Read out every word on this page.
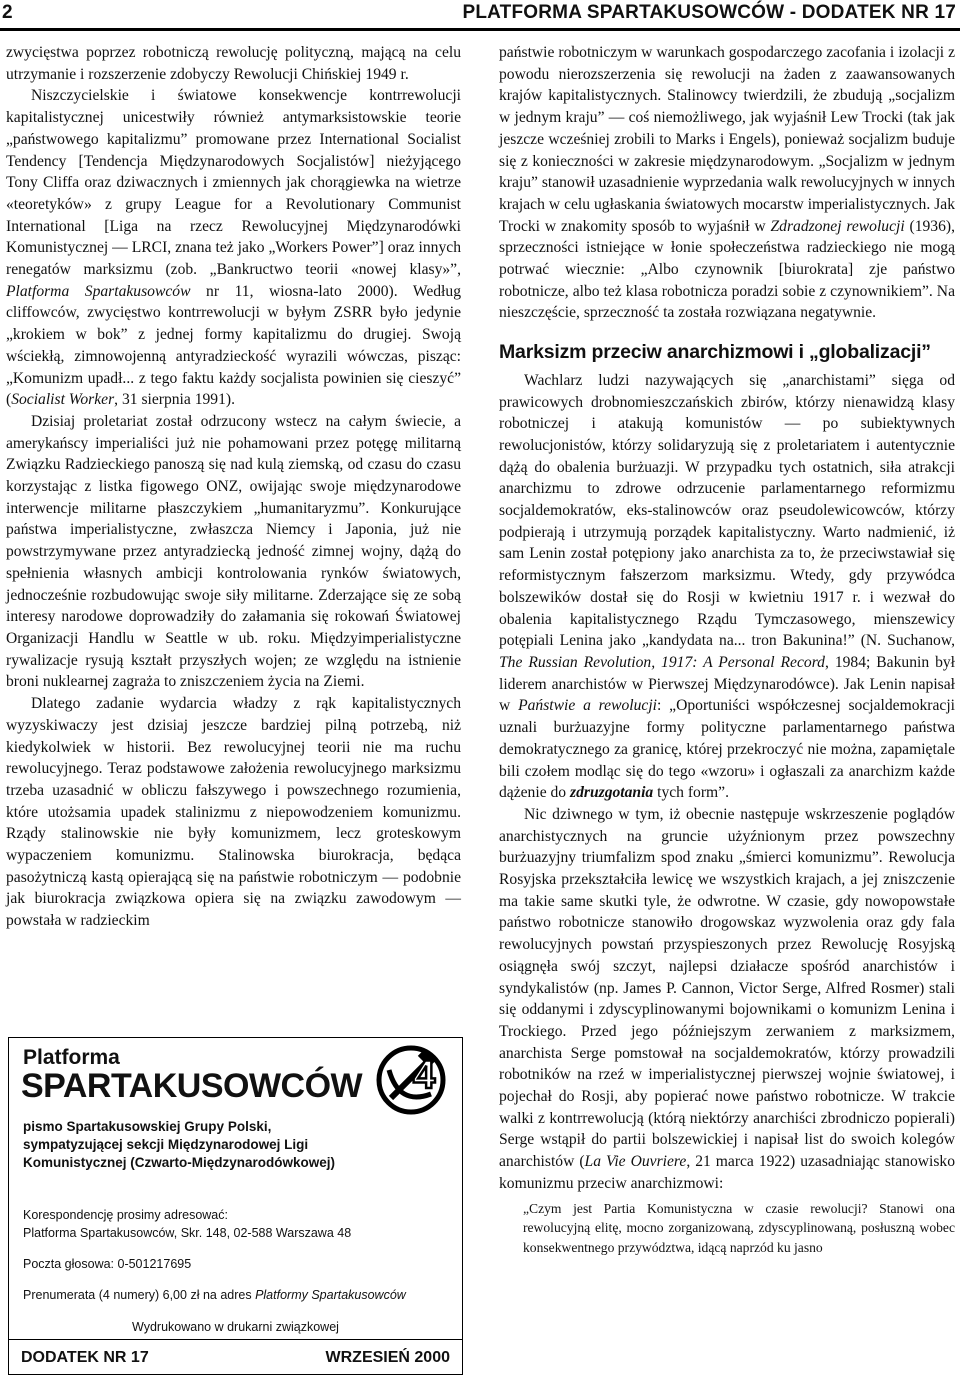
2	PLATFORMA SPARTAKUSOWCÓW - DODATEK NR 17

zwycięstwa poprzez robotniczą rewolucję polityczną, mającą na celu utrzymanie i rozszerzenie zdobyczy Rewolucji Chińskiej 1949 r.

Niszczycielskie i światowe konsekwencje kontrrewolucji kapitalistycznej unicestwiły również antymarksistowskie teorie „państwowego kapitalizmu” promowane przez International Socialist Tendency [Tendencja Międzynarodowych Socjalistów] nieżyjącego Tony Cliffa oraz dziwacznych i zmiennych jak chorągiewka na wietrze «teoretyków» z grupy League for a Revolutionary Communist International [Liga na rzecz Rewolucyjnej Międzynarodówki Komunistycznej — LRCI, znana też jako „Workers Power”] oraz innych renegatów marksizmu (zob. „Bankructwo teorii «nowej klasy»”, Platforma Spartakusowców nr 11, wiosna-lato 2000). Według cliffowców, zwycięstwo kontrrewolucji w byłym ZSRR było jedynie „krokiem w bok” z jednej formy kapitalizmu do drugiej. Swoją wściekłą, zimnowojenną antyradzieckość wyrazili wówczas, pisząc: „Komunizm upadł... z tego faktu każdy socjalista powinien się cieszyć” (Socialist Worker, 31 sierpnia 1991).

Dzisiaj proletariat został odrzucony wstecz na całym świecie, a amerykańscy imperialiści już nie pohamowani przez potęgę militarną Związku Radzieckiego panoszą się nad kulą ziemską, od czasu do czasu korzystając z listka figowego ONZ, owijając swoje międzynarodowe interwencje militarne płaszczykiem „humanitaryzmu”. Konkurujące państwa imperialistyczne, zwłaszcza Niemcy i Japonia, już nie powstrzymywane przez antyradziecką jedność zimnej wojny, dążą do spełnienia własnych ambicji kontrolowania rynków światowych, jednocześnie rozbudowując swoje siły militarne. Zderzające się ze sobą interesy narodowe doprowadziły do załamania się rokowań Światowej Organizacji Handlu w Seattle w ub. roku. Międzyimperialistyczne rywalizacje rysują kształt przyszłych wojen; ze względu na istnienie broni nuklearnej zagraża to zniszczeniem życia na Ziemi.

Dlatego zadanie wydarcia władzy z rąk kapitalistycznych wyzyskiwaczy jest dzisiaj jeszcze bardziej pilną potrzebą, niż kiedykolwiek w historii. Bez rewolucyjnej teorii nie ma ruchu rewolucyjnego. Teraz podstawowe założenia rewolucyjnego marksizmu trzeba uzasadnić w obliczu fałszywego i powszechnego rozumienia, które utożsamia upadek stalinizmu z niepowodzeniem komunizmu. Rządy stalinowskie nie były komunizmem, lecz groteskowym wypaczeniem komunizmu. Stalinowska biurokracja, będąca pasożytniczą kastą opierającą się na państwie robotniczym — podobnie jak biurokracja związkowa opiera się na związku zawodowym — powstała w radzieckim

państwie robotniczym w warunkach gospodarczego zacofania i izolacji z powodu nierozszerzenia się rewolucji na żaden z zaawansowanych krajów kapitalistycznych. Stalinowcy twierdzili, że zbudują „socjalizm w jednym kraju” — coś niemożliwego, jak wyjaśnił Lew Trocki (tak jak jeszcze wcześniej zrobili to Marks i Engels), ponieważ socjalizm buduje się z konieczności w zakresie międzynarodowym. „Socjalizm w jednym kraju” stanowił uzasadnienie wyprzedania walk rewolucyjnych w innych krajach w celu ugłaskania światowych mocarstw imperialistycznych. Jak Trocki w znakomity sposób to wyjaśnił w Zdradzonej rewolucji (1936), sprzeczności istniejące w łonie społeczeństwa radzieckiego nie mogą potrwać wiecznie: „Albo czynownik [biurokrata] zje państwo robotnicze, albo też klasa robotnicza poradzi sobie z czynownikiem”. Na nieszczęście, sprzeczność ta została rozwiązana negatywnie.

Marksizm przeciw anarchizmowi i „globalizacji”

Wachlarz ludzi nazywających się „anarchistami” sięga od prawicowych drobnomieszczańskich zbirów, którzy nienawidzą klasy robotniczej i atakują komunistów — po subiektywnych rewolucjonistów, którzy solidaryzują się z proletariatem i autentycznie dążą do obalenia burżuazji. W przypadku tych ostatnich, siła atrakcji anarchizmu to zdrowe odrzucenie parlamentarnego reformizmu socjaldemokratów, eks-stalinowców oraz pseudolewicowców, którzy podpierają i utrzymują porządek kapitalistyczny. Warto nadmienić, iż sam Lenin został potępiony jako anarchista za to, że przeciwstawiał się reformistycznym fałszerzom marksizmu. Wtedy, gdy przywódca bolszewików dostał się do Rosji w kwietniu 1917 r. i wezwał do obalenia kapitalistycznego Rządu Tymczasowego, mienszewicy potępiali Lenina jako „kandydata na... tron Bakunina!” (N. Suchanow, The Russian Revolution, 1917: A Personal Record, 1984; Bakunin był liderem anarchistów w Pierwszej Międzynarodówce). Jak Lenin napisał w Państwie a rewolucji: „Oportuniści współczesnej socjaldemokracji uznali burżuazyjne formy polityczne parlamentarnego państwa demokratycznego za granicę, której przekroczyć nie można, zapamiętale bili czołem modląc się do tego «wzoru» i ogłaszali za anarchizm każde dążenie do zdruzgotania tych form”.

Nic dziwnego w tym, iż obecnie następuje wskrzeszenie poglądów anarchistycznych na gruncie użyźnionym przez powszechny burżuazyjny triumfalizm spod znaku „śmierci komunizmu”. Rewolucja Rosyjska przekształciła lewicę we wszystkich krajach, a jej zniszczenie ma takie same skutki tyle, że odwrotne. W czasie, gdy nowopowstałe państwo robotnicze stanowiło drogowskaz wyzwolenia oraz gdy fala rewolucyjnych powstań przyspieszonych przez Rewolucję Rosyjską osiągnęła swój szczyt, najlepsi działacze spośród anarchistów i syndykalistów (np. James P. Cannon, Victor Serge, Alfred Rosmer) stali się oddanymi i zdyscyplinowanymi bojownikami o komunizm Lenina i Trockiego. Przed jego późniejszym zerwaniem z marksizmem, anarchista Serge pomstował na socjaldemokratów, którzy prowadzili robotników na rzeź w imperialistycznej pierwszej wojnie światowej, i pojechał do Rosji, aby popierać nowe państwo robotnicze. W trakcie walki z kontrrewolucją (którą niektórzy anarchiści zbrodniczo popierali) Serge wstąpił do partii bolszewickiej i napisał list do swoich kolegów anarchistów (La Vie Ouvriere, 21 marca 1922) uzasadniając stanowisko komunizmu przeciw anarchizmowi:

„Czym jest Partia Komunistyczna w czasie rewolucji? Stanowi ona rewolucyjną elitę, mocno zorganizowaną, zdyscyplinowaną, posłuszną wobec konsekwentnego przywództwa, idącą naprzód ku jasno
Platforma
SPARTAKUSOWCÓW 4
pismo Spartakusowskiej Grupy Polski,
sympatyzującej sekcji Międzynarodowej Ligi
Komunistycznej (Czwarto-Międzynarodówkowej)
Korespondencję prosimy adresować:
Platforma Spartakusowców, Skr. 148, 02-588 Warszawa 48
Poczta głosowa: 0-501217695
Prenumerata (4 numery) 6,00 zł na adres Platformy Spartakusowców
Wydrukowano w drukarni związkowej
DODATEK NR 17	WRZESIEŃ 2000
